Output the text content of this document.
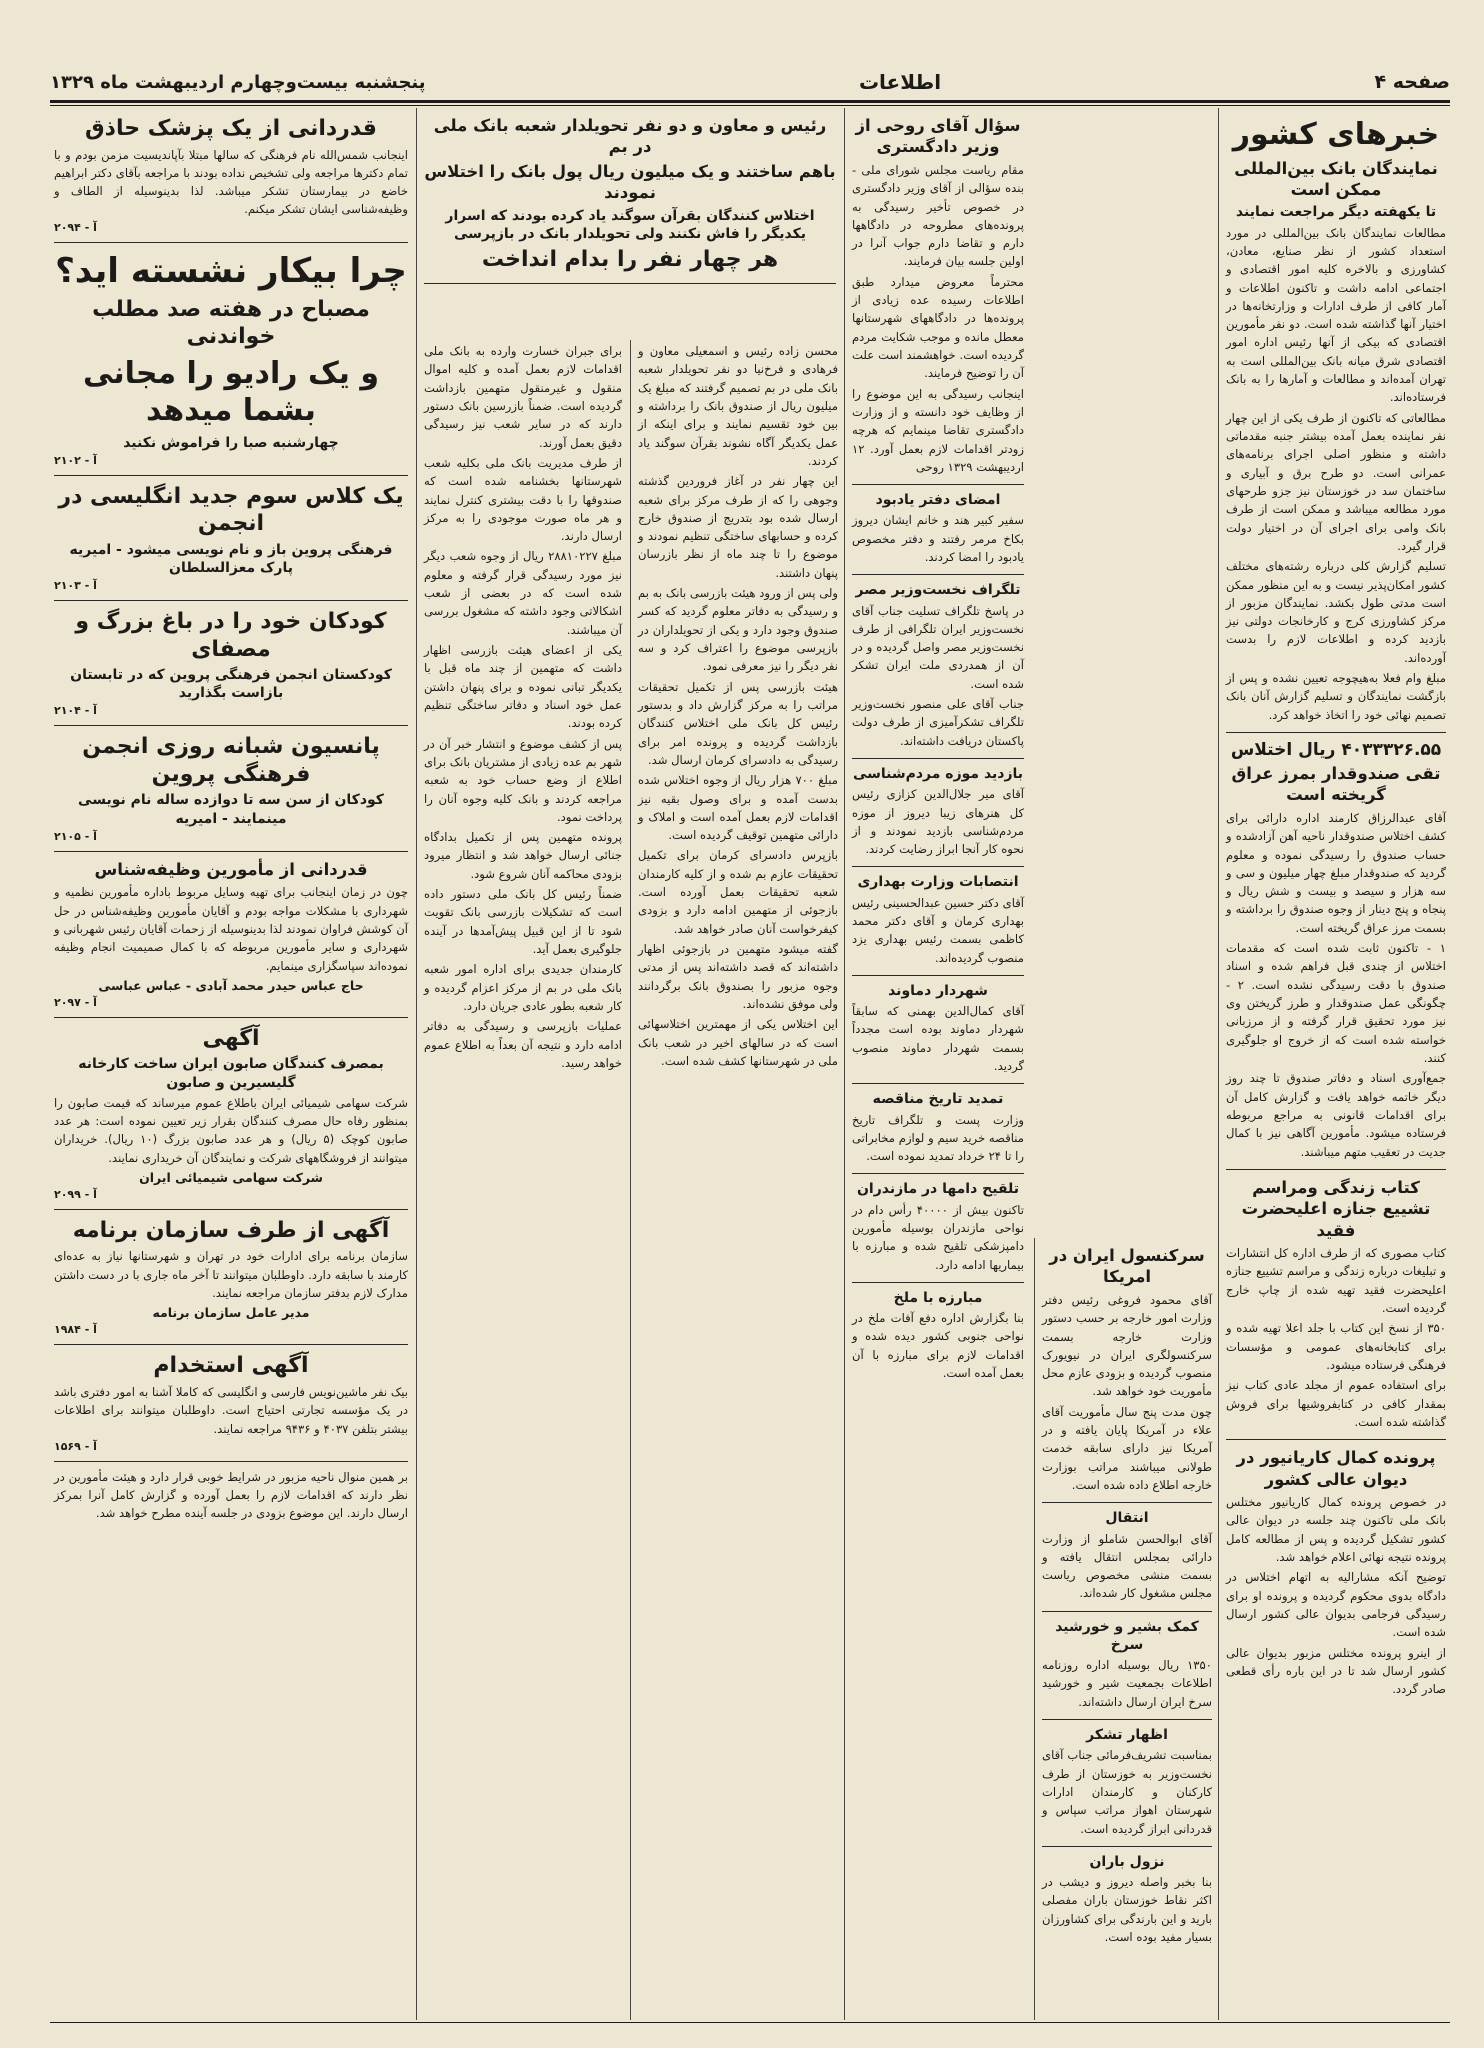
صفحه ۴
اطلاعات
پنجشنبه بیست‌وچهارم اردیبهشت ماه ۱۳۲۹
خبرهای کشور
نمایندگان بانک بین‌المللی ممکن است
تا یکهفته دیگر مراجعت نمایند
مطالعات نمایندگان بانک بین‌المللی در مورد استعداد کشور از نظر صنایع، معادن، کشاورزی و بالاخره کلیه امور اقتصادی و اجتماعی ادامه داشت و تاکنون اطلاعات و آمار کافی از طرف ادارات و وزارتخانه‌ها در اختیار آنها گذاشته شده است. دو نفر مأمورین اقتصادی که بیکی از آنها رئیس اداره امور اقتصادی شرق میانه بانک بین‌المللی است به تهران آمده‌اند و مطالعات و آمارها را به بانک فرستاده‌اند.
مطالعاتی که تاکنون از طرف یکی از این چهار نفر نماینده بعمل آمده بیشتر جنبه مقدماتی داشته و منظور اصلی اجرای برنامه‌های عمرانی است. دو طرح برق و آبیاری و ساختمان سد در خوزستان نیز جزو طرحهای مورد مطالعه میباشد و ممکن است از طرف بانک وامی برای اجرای آن در اختیار دولت قرار گیرد.
تسلیم گزارش کلی درباره رشته‌های مختلف کشور امکان‌پذیر نیست و به این منظور ممکن است مدتی طول بکشد. نمایندگان مزبور از مرکز کشاورزی کرج و کارخانجات دولتی نیز بازدید کرده و اطلاعات لازم را بدست آورده‌اند.
مبلغ وام فعلا به‌هیچوجه تعیین نشده و پس از بازگشت نمایندگان و تسلیم گزارش آنان بانک تصمیم نهائی خود را اتخاذ خواهد کرد.
۴۰۳۳۳۲۶.۵۵ ریال اختلاس
تقی صندوقدار بمرز عراق گریخته است
آقای عبدالرزاق کارمند اداره دارائی برای کشف اختلاس صندوقدار ناحیه آهن آزادشده و حساب صندوق را رسیدگی نموده و معلوم گردید که صندوقدار مبلغ چهار میلیون و سی و سه هزار و سیصد و بیست و شش ریال و پنجاه و پنج دینار از وجوه صندوق را برداشته و بسمت مرز عراق گریخته است.
۱ - تاکنون ثابت شده است که مقدمات اختلاس از چندی قبل فراهم شده و اسناد صندوق با دقت رسیدگی نشده است. ۲ - چگونگی عمل صندوقدار و طرز گریختن وی نیز مورد تحقیق قرار گرفته و از مرزبانی خواسته شده است که از خروج او جلوگیری کنند.
جمع‌آوری اسناد و دفاتر صندوق تا چند روز دیگر خاتمه خواهد یافت و گزارش کامل آن برای اقدامات قانونی به مراجع مربوطه فرستاده میشود. مأمورین آگاهی نیز با کمال جدیت در تعقیب متهم میباشند.
کتاب زندگی ومراسم تشییع جنازه اعلیحضرت فقید
کتاب مصوری که از طرف اداره کل انتشارات و تبلیغات درباره زندگی و مراسم تشییع جنازه اعلیحضرت فقید تهیه شده از چاپ خارج گردیده است.
۳۵۰ از نسخ این کتاب با جلد اعلا تهیه شده و برای کتابخانه‌های عمومی و مؤسسات فرهنگی فرستاده میشود.
برای استفاده عموم از مجلد عادی کتاب نیز بمقدار کافی در کتابفروشیها برای فروش گذاشته شده است.
پرونده کمال کاریانیور در دیوان عالی کشور
در خصوص پرونده کمال کاریانیور مختلس بانک ملی تاکنون چند جلسه در دیوان عالی کشور تشکیل گردیده و پس از مطالعه کامل پرونده نتیجه نهائی اعلام خواهد شد.
توضیح آنکه مشارالیه به اتهام اختلاس در دادگاه بدوی محکوم گردیده و پرونده او برای رسیدگی فرجامی بدیوان عالی کشور ارسال شده است.
از اینرو پرونده مختلس مزبور بدیوان عالی کشور ارسال شد تا در این باره رأی قطعی صادر گردد.
سرکنسول ایران در امریکا
آقای محمود فروغی رئیس دفتر وزارت امور خارجه بر حسب دستور وزارت خارجه بسمت سرکنسولگری ایران در نیویورک منصوب گردیده و بزودی عازم محل مأموریت خود خواهد شد.
چون مدت پنج سال مأموریت آقای علاء در آمریکا پایان یافته و در آمریکا نیز دارای سابقه خدمت طولانی میباشند مراتب بوزارت خارجه اطلاع داده شده است.
انتقال
آقای ابوالحسن شاملو از وزارت دارائی بمجلس انتقال یافته و بسمت منشی مخصوص ریاست مجلس مشغول کار شده‌اند.
کمک بشیر و خورشید سرخ
۱۳۵۰ ریال بوسیله اداره روزنامه اطلاعات بجمعیت شیر و خورشید سرخ ایران ارسال داشته‌اند.
اظهار تشکر
بمناسبت تشریف‌فرمائی جناب آقای نخست‌وزیر به خوزستان از طرف کارکنان و کارمندان ادارات شهرستان اهواز مراتب سپاس و قدردانی ابراز گردیده است.
نزول باران
بنا بخبر واصله دیروز و دیشب در اکثر نقاط خوزستان باران مفصلی بارید و این بارندگی برای کشاورزان بسیار مفید بوده است.
سؤال آقای روحی از وزیر دادگستری
مقام ریاست مجلس شورای ملی - بنده سؤالی از آقای وزیر دادگستری در خصوص تأخیر رسیدگی به پرونده‌های مطروحه در دادگاهها دارم و تقاضا دارم جواب آنرا در اولین جلسه بیان فرمایند.
محترماً معروض میدارد طبق اطلاعات رسیده عده زیادی از پرونده‌ها در دادگاههای شهرستانها معطل مانده و موجب شکایت مردم گردیده است. خواهشمند است علت آن را توضیح فرمایند.
اینجانب رسیدگی به این موضوع را از وظایف خود دانسته و از وزارت دادگستری تقاضا مینمایم که هرچه زودتر اقدامات لازم بعمل آورد. ۱۲ اردیبهشت ۱۳۲۹ روحی
امضای دفتر یادبود
سفیر کبیر هند و خانم ایشان دیروز بکاخ مرمر رفتند و دفتر مخصوص یادبود را امضا کردند.
تلگراف نخست‌وزیر مصر
در پاسخ تلگراف تسلیت جناب آقای نخست‌وزیر ایران تلگرافی از طرف نخست‌وزیر مصر واصل گردیده و در آن از همدردی ملت ایران تشکر شده است.
جناب آقای علی منصور نخست‌وزیر تلگراف تشکرآمیزی از طرف دولت پاکستان دریافت داشته‌اند.
بازدید موزه مردم‌شناسی
آقای میر جلال‌الدین کزازی رئیس کل هنرهای زیبا دیروز از موزه مردم‌شناسی بازدید نمودند و از نحوه کار آنجا ابراز رضایت کردند.
انتصابات وزارت بهداری
آقای دکتر حسین عبدالحسینی رئیس بهداری کرمان و آقای دکتر محمد کاظمی بسمت رئیس بهداری یزد منصوب گردیده‌اند.
شهردار دماوند
آقای کمال‌الدین بهمنی که سابقاً شهردار دماوند بوده است مجدداً بسمت شهردار دماوند منصوب گردید.
تمدید تاریخ مناقصه
وزارت پست و تلگراف تاریخ مناقصه خرید سیم و لوازم مخابراتی را تا ۲۴ خرداد تمدید نموده است.
تلقیح دامها در مازندران
تاکنون بیش از ۴۰۰۰۰ رأس دام در نواحی مازندران بوسیله مأمورین دامپزشکی تلقیح شده و مبارزه با بیماریها ادامه دارد.
مبارزه با ملخ
بنا بگزارش اداره دفع آفات ملخ در نواحی جنوبی کشور دیده شده و اقدامات لازم برای مبارزه با آن بعمل آمده است.
رئیس و معاون و دو نفر تحویلدار شعبه بانک ملی در بم
باهم ساختند و یک میلیون ریال پول بانک را اختلاس نمودند
اختلاس کنندگان بقرآن سوگند یاد کرده بودند که اسرار یکدیگر را فاش نکنند ولی تحویلدار بانک در بازپرسی
هر چهار نفر را بدام انداخت
محسن زاده رئیس و اسمعیلی معاون و فرهادی و فرخ‌نیا دو نفر تحویلدار شعبه بانک ملی در بم تصمیم گرفتند که مبلغ یک میلیون ریال از صندوق بانک را برداشته و بین خود تقسیم نمایند و برای اینکه از عمل یکدیگر آگاه نشوند بقرآن سوگند یاد کردند.
این چهار نفر در آغاز فروردین گذشته وجوهی را که از طرف مرکز برای شعبه ارسال شده بود بتدریج از صندوق خارج کرده و حسابهای ساختگی تنظیم نمودند و موضوع را تا چند ماه از نظر بازرسان پنهان داشتند.
ولی پس از ورود هیئت بازرسی بانک به بم و رسیدگی به دفاتر معلوم گردید که کسر صندوق وجود دارد و یکی از تحویلداران در بازپرسی موضوع را اعتراف کرد و سه نفر دیگر را نیز معرفی نمود.
هیئت بازرسی پس از تکمیل تحقیقات مراتب را به مرکز گزارش داد و بدستور رئیس کل بانک ملی اختلاس کنندگان بازداشت گردیده و پرونده امر برای رسیدگی به دادسرای کرمان ارسال شد.
مبلغ ۷۰۰ هزار ریال از وجوه اختلاس شده بدست آمده و برای وصول بقیه نیز اقدامات لازم بعمل آمده است و املاک و دارائی متهمین توقیف گردیده است.
بازپرس دادسرای کرمان برای تکمیل تحقیقات عازم بم شده و از کلیه کارمندان شعبه تحقیقات بعمل آورده است. بازجوئی از متهمین ادامه دارد و بزودی کیفرخواست آنان صادر خواهد شد.
گفته میشود متهمین در بازجوئی اظهار داشته‌اند که قصد داشته‌اند پس از مدتی وجوه مزبور را بصندوق بانک برگردانند ولی موفق نشده‌اند.
این اختلاس یکی از مهمترین اختلاسهائی است که در سالهای اخیر در شعب بانک ملی در شهرستانها کشف شده است.
برای جبران خسارت وارده به بانک ملی اقدامات لازم بعمل آمده و کلیه اموال منقول و غیرمنقول متهمین بازداشت گردیده است. ضمناً بازرسین بانک دستور دارند که در سایر شعب نیز رسیدگی دقیق بعمل آورند.
از طرف مدیریت بانک ملی بکلیه شعب شهرستانها بخشنامه شده است که صندوقها را با دقت بیشتری کنترل نمایند و هر ماه صورت موجودی را به مرکز ارسال دارند.
مبلغ ۲۸۸۱۰۲۲۷ ریال از وجوه شعب دیگر نیز مورد رسیدگی قرار گرفته و معلوم شده است که در بعضی از شعب اشکالاتی وجود داشته که مشغول بررسی آن میباشند.
یکی از اعضای هیئت بازرسی اظهار داشت که متهمین از چند ماه قبل با یکدیگر تبانی نموده و برای پنهان داشتن عمل خود اسناد و دفاتر ساختگی تنظیم کرده بودند.
پس از کشف موضوع و انتشار خبر آن در شهر بم عده زیادی از مشتریان بانک برای اطلاع از وضع حساب خود به شعبه مراجعه کردند و بانک کلیه وجوه آنان را پرداخت نمود.
پرونده متهمین پس از تکمیل بدادگاه جنائی ارسال خواهد شد و انتظار میرود بزودی محاکمه آنان شروع شود.
ضمناً رئیس کل بانک ملی دستور داده است که تشکیلات بازرسی بانک تقویت شود تا از این قبیل پیش‌آمدها در آینده جلوگیری بعمل آید.
کارمندان جدیدی برای اداره امور شعبه بانک ملی در بم از مرکز اعزام گردیده و کار شعبه بطور عادی جریان دارد.
عملیات بازپرسی و رسیدگی به دفاتر ادامه دارد و نتیجه آن بعداً به اطلاع عموم خواهد رسید.
قدردانی از یک پزشک حاذق
اینجانب شمس‌الله نام فرهنگی که سالها مبتلا بآپاندیسیت مزمن بودم و با تمام دکترها مراجعه ولی تشخیص نداده بودند با مراجعه بآقای دکتر ابراهیم خاضع در بیمارستان تشکر میباشد. لذا بدینوسیله از الطاف و وظیفه‌شناسی ایشان تشکر میکنم.
آ - ۲۰۹۴
چرا بیکار نشسته اید؟
مصباح در هفته صد مطلب خواندنی
و یک رادیو را مجانی بشما میدهد
چهارشنبه صبا را فراموش نکنید
آ - ۲۱۰۲
یک کلاس سوم جدید انگلیسی در انجمن
فرهنگی پروین باز و نام نویسی میشود - امیریه پارک معزالسلطان
آ - ۲۱۰۳
کودکان خود را در باغ بزرگ و مصفای
کودکستان انجمن فرهنگی پروین که در تابستان بازاست بگذارید
آ - ۲۱۰۴
پانسیون شبانه روزی انجمن فرهنگی پروین
کودکان از سن سه تا دوازده ساله نام نویسی مینمایند - امیریه
آ - ۲۱۰۵
قدردانی از مأمورین وظیفه‌شناس
چون در زمان اینجانب برای تهیه وسایل مربوط باداره مأمورین نظمیه و شهرداری با مشکلات مواجه بودم و آقایان مأمورین وظیفه‌شناس در حل آن کوشش فراوان نمودند لذا بدینوسیله از زحمات آقایان رئیس شهربانی و شهرداری و سایر مأمورین مربوطه که با کمال صمیمیت انجام وظیفه نموده‌اند سپاسگزاری مینمایم.
حاج عباس حیدر محمد آبادی - عباس عباسی
آ - ۲۰۹۷
آگهی
بمصرف کنندگان صابون ایران ساخت کارخانه گلیسیرین و صابون
شرکت سهامی شیمیائی ایران باطلاع عموم میرساند که قیمت صابون را بمنظور رفاه حال مصرف کنندگان بقرار زیر تعیین نموده است: هر عدد صابون کوچک (۵ ریال) و هر عدد صابون بزرگ (۱۰ ریال). خریداران میتوانند از فروشگاههای شرکت و نمایندگان آن خریداری نمایند.
شرکت سهامی شیمیائی ایران
آ - ۲۰۹۹
آگهی از طرف سازمان برنامه
سازمان برنامه برای ادارات خود در تهران و شهرستانها نیاز به عده‌ای کارمند با سابقه دارد. داوطلبان میتوانند تا آخر ماه جاری با در دست داشتن مدارک لازم بدفتر سازمان مراجعه نمایند.
مدیر عامل سازمان برنامه
آ - ۱۹۸۴
آگهی استخدام
بیک نفر ماشین‌نویس فارسی و انگلیسی که کاملا آشنا به امور دفتری باشد در یک مؤسسه تجارتی احتیاج است. داوطلبان میتوانند برای اطلاعات بیشتر بتلفن ۴۰۳۷ و ۹۴۳۶ مراجعه نمایند.
آ - ۱۵۶۹
بر همین منوال ناحیه مزبور در شرایط خوبی قرار دارد و هیئت مأمورین در نظر دارند که اقدامات لازم را بعمل آورده و گزارش کامل آنرا بمرکز ارسال دارند. این موضوع بزودی در جلسه آینده مطرح خواهد شد.
